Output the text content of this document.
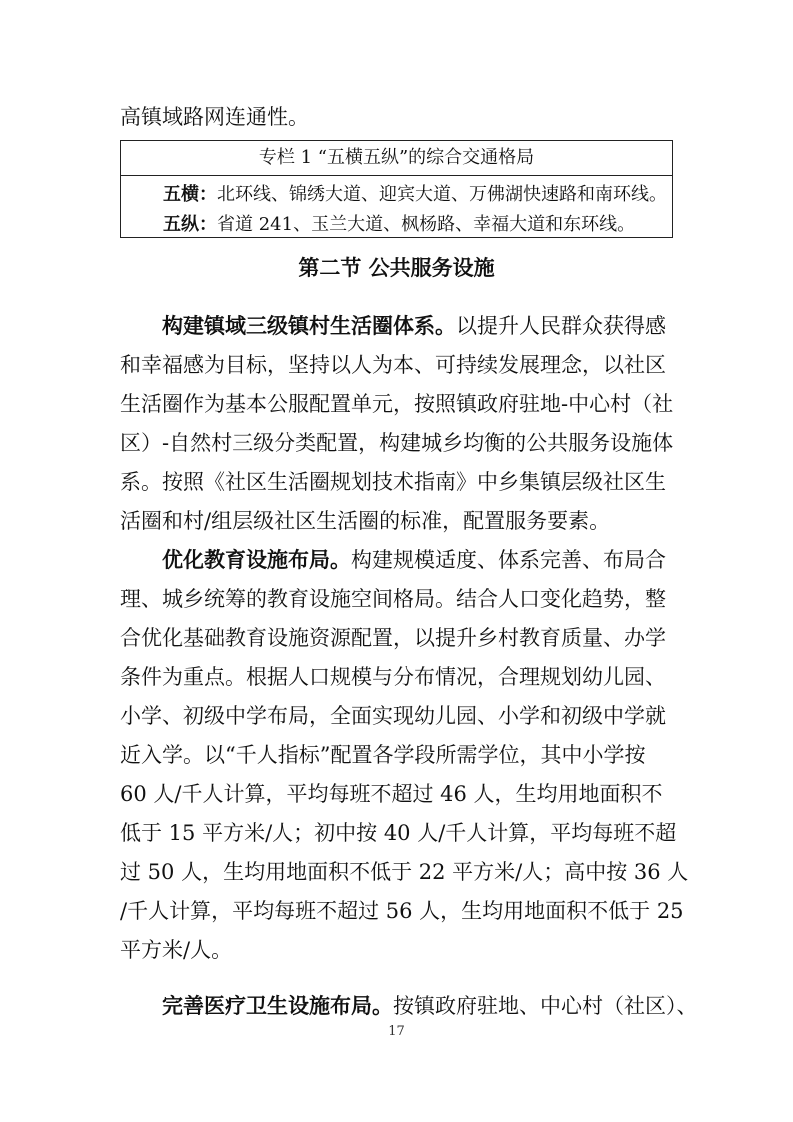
高镇域路网连通性。
专栏 1 “五横五纵”的综合交通格局
五横：北环线、锦绣大道、迎宾大道、万佛湖快速路和南环线。
五纵：省道 241、玉兰大道、枫杨路、幸福大道和东环线。
第二节 公共服务设施
构建镇域三级镇村生活圈体系。以提升人民群众获得感
和幸福感为目标，坚持以人为本、可持续发展理念，以社区
生活圈作为基本公服配置单元，按照镇政府驻地-中心村（社
区）-自然村三级分类配置，构建城乡均衡的公共服务设施体
系。按照《社区生活圈规划技术指南》中乡集镇层级社区生
活圈和村/组层级社区生活圈的标准，配置服务要素。
优化教育设施布局。构建规模适度、体系完善、布局合
理、城乡统筹的教育设施空间格局。结合人口变化趋势，整
合优化基础教育设施资源配置，以提升乡村教育质量、办学
条件为重点。根据人口规模与分布情况，合理规划幼儿园、
小学、初级中学布局，全面实现幼儿园、小学和初级中学就
近入学。以“千人指标”配置各学段所需学位，其中小学按
60 人/千人计算，平均每班不超过 46 人，生均用地面积不
低于 15 平方米/人；初中按 40 人/千人计算，平均每班不超
过 50 人，生均用地面积不低于 22 平方米/人；高中按 36 人
/千人计算，平均每班不超过 56 人，生均用地面积不低于 25
平方米/人。
完善医疗卫生设施布局。按镇政府驻地、中心村（社区）、
17
